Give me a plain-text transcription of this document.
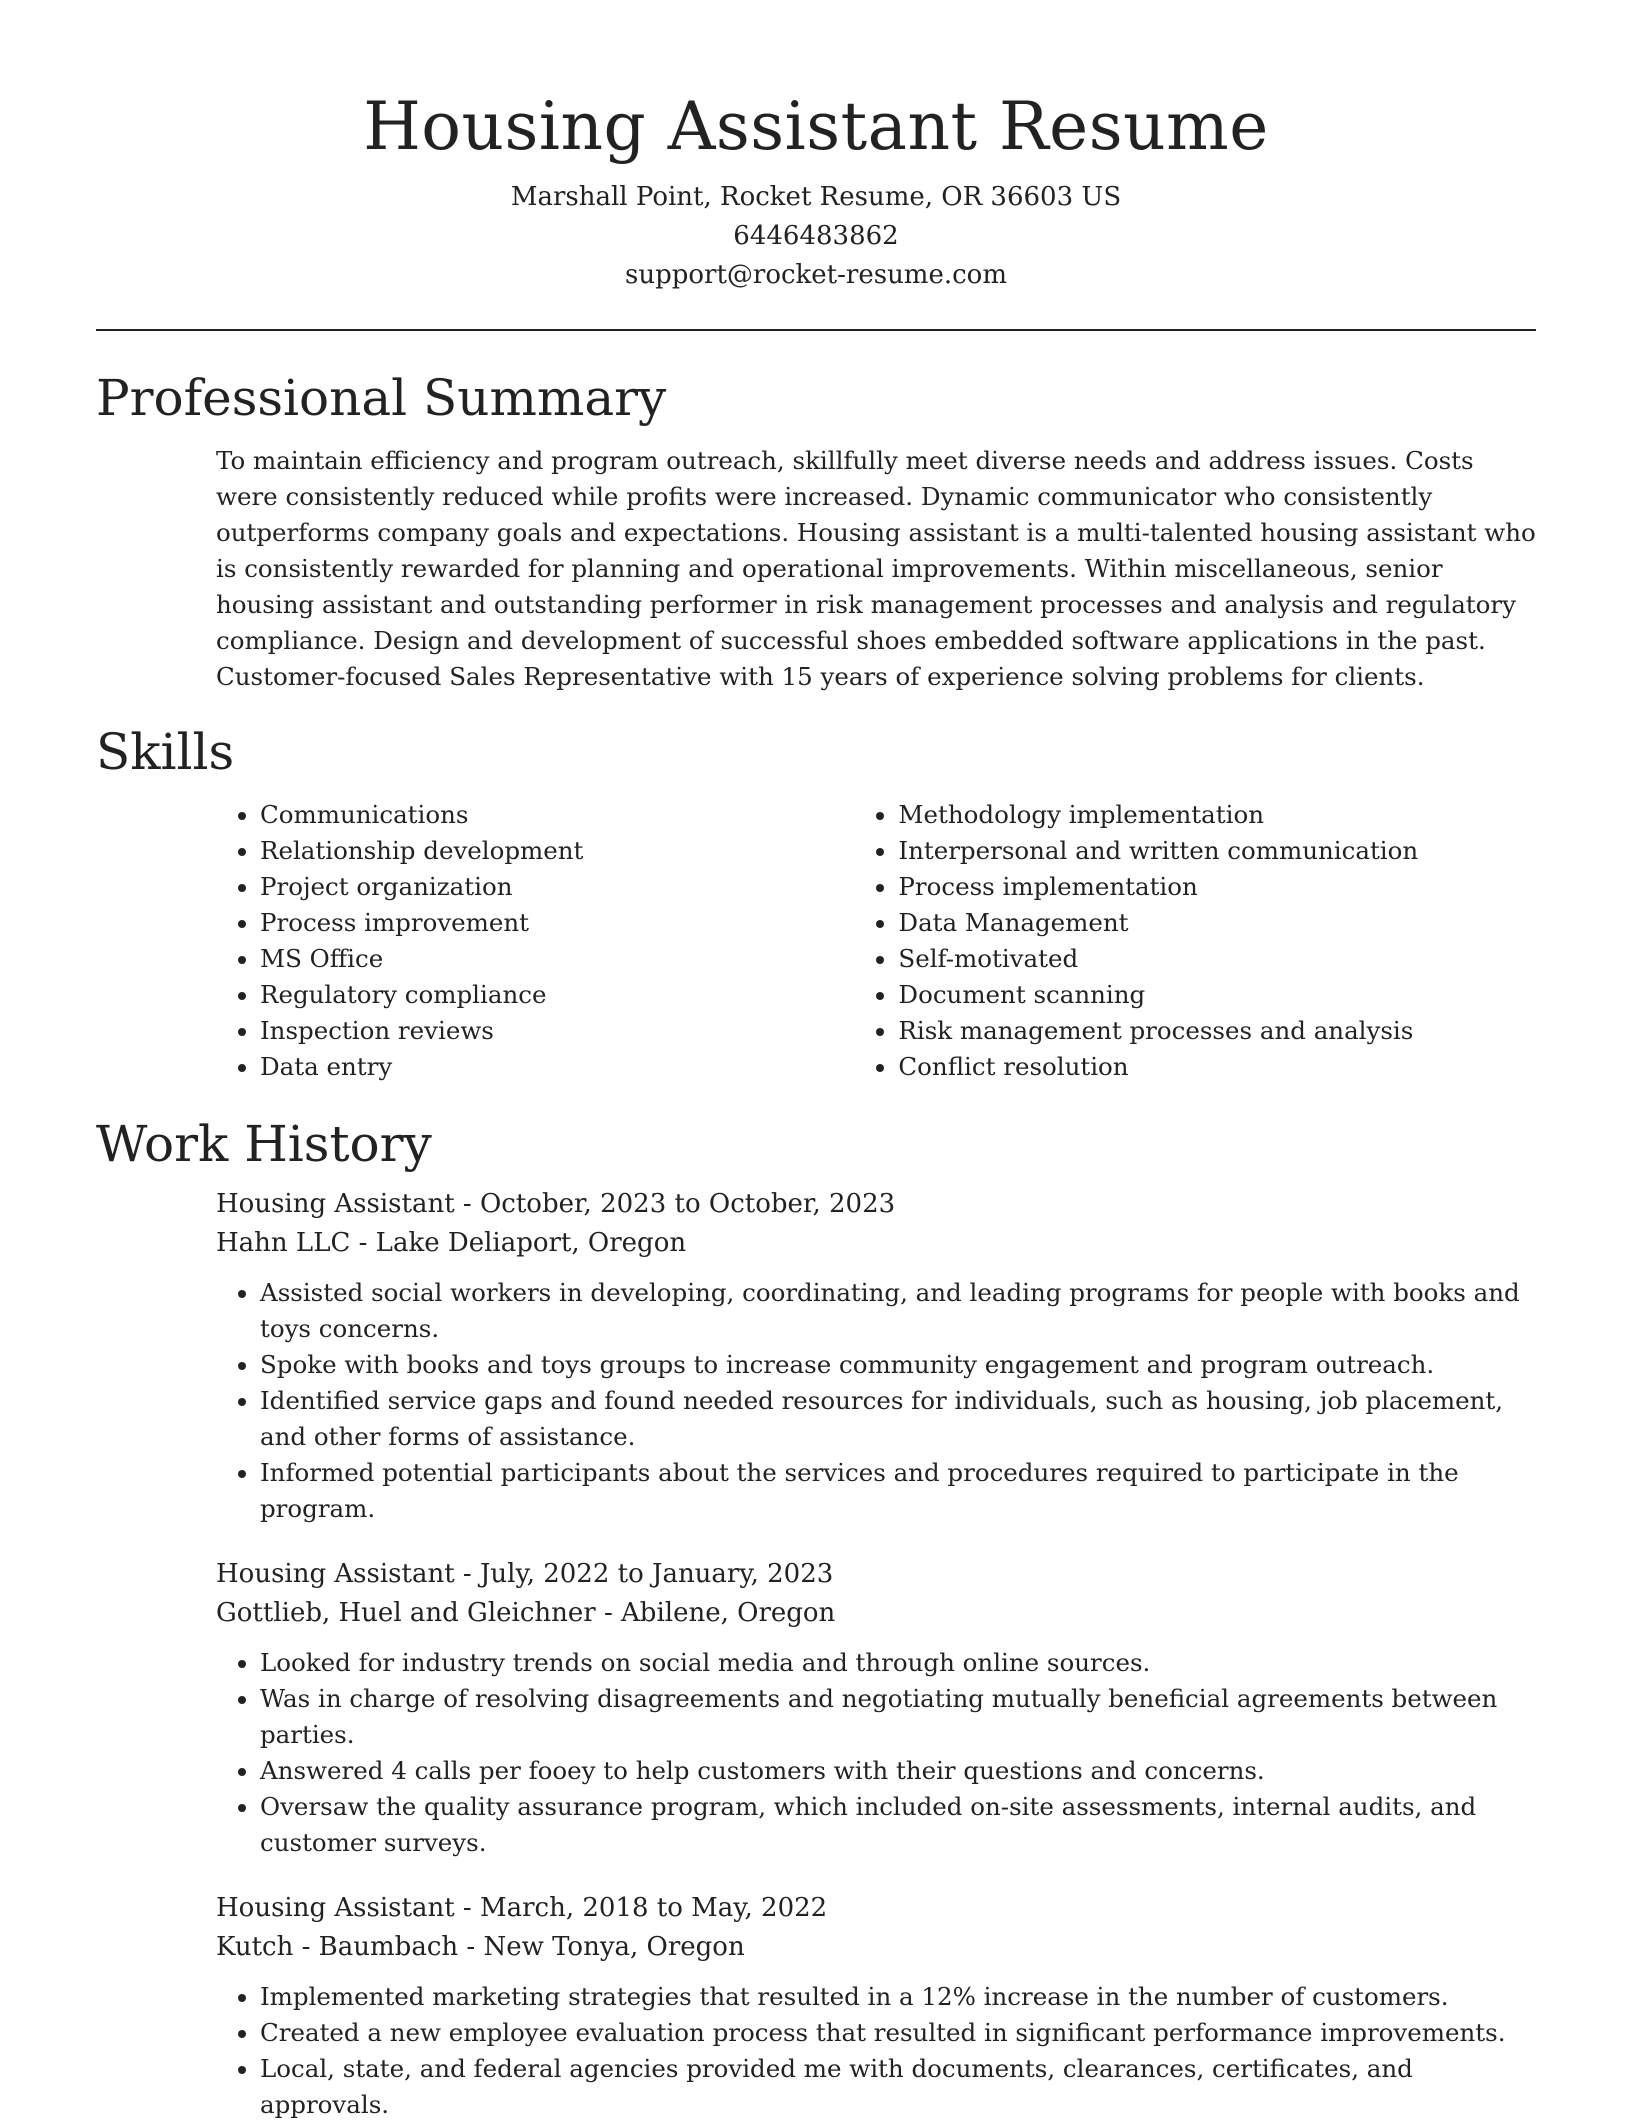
Housing Assistant Resume
Marshall Point, Rocket Resume, OR 36603 US
6446483862
support@rocket-resume.com
Professional Summary

To maintain efficiency and program outreach, skillfully meet diverse needs and address issues. Costs were consistently reduced while profits were increased. Dynamic communicator who consistently outperforms company goals and expectations. Housing assistant is a multi-talented housing assistant who is consistently rewarded for planning and operational improvements. Within miscellaneous, senior housing assistant and outstanding performer in risk management processes and analysis and regulatory compliance. Design and development of successful shoes embedded software applications in the past. Customer-focused Sales Representative with 15 years of experience solving problems for clients.

Skills
• Communications
• Relationship development
• Project organization
• Process improvement
• MS Office
• Regulatory compliance
• Inspection reviews
• Data entry
• Methodology implementation
• Interpersonal and written communication
• Process implementation
• Data Management
• Self-motivated
• Document scanning
• Risk management processes and analysis
• Conflict resolution
Work History
Housing Assistant - October, 2023 to October, 2023
Hahn LLC - Lake Deliaport, Oregon
• Assisted social workers in developing, coordinating, and leading programs for people with books and toys concerns.
• Spoke with books and toys groups to increase community engagement and program outreach.
• Identified service gaps and found needed resources for individuals, such as housing, job placement, and other forms of assistance.
• Informed potential participants about the services and procedures required to participate in the program.
Housing Assistant - July, 2022 to January, 2023
Gottlieb, Huel and Gleichner - Abilene, Oregon
• Looked for industry trends on social media and through online sources.
• Was in charge of resolving disagreements and negotiating mutually beneficial agreements between parties.
• Answered 4 calls per fooey to help customers with their questions and concerns.
• Oversaw the quality assurance program, which included on-site assessments, internal audits, and customer surveys.
Housing Assistant - March, 2018 to May, 2022
Kutch - Baumbach - New Tonya, Oregon
• Implemented marketing strategies that resulted in a 12% increase in the number of customers.
• Created a new employee evaluation process that resulted in significant performance improvements.
• Local, state, and federal agencies provided me with documents, clearances, certificates, and approvals.
